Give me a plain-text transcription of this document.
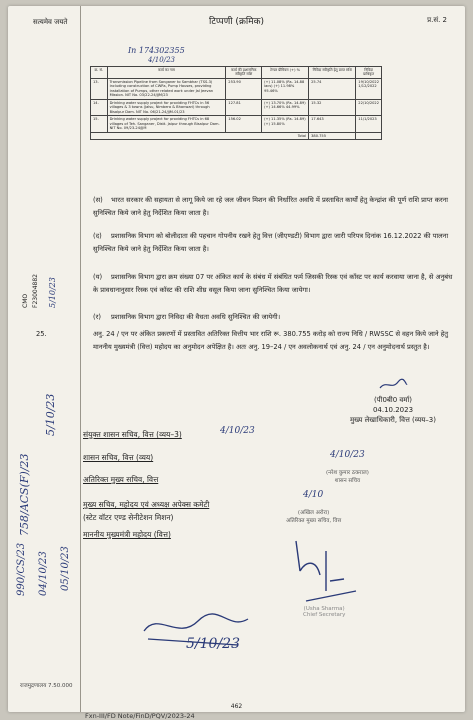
सत्यमेव जयते	टिप्पणी (क्रमिक)	प्र.सं. 2
In 174302355
4/10/23
क्र. सं.	कार्य का नाम	कार्य की प्रशासनिक स्वीकृति राशि	टेण्डर प्रीमियम (+) %	निविदा स्वीकृति हेतु प्राप्त राशि	निविदा प्राधिकृत
13.	Transmission Pipeline from Sanganer to Sambhar (TSS-3) including construction of CWRs, Pump Houses, providing installation of Pumps, other related work under Jal Jeevan Mission. NIT No. 03/22-24/JJM/23	253.90	(+) 11.08% (Rs. 14.88 lacs) (+) 11.98% 95.46%	25.74	19/10/2022 1/12/2022
14.	Drinking water supply project for providing FHTCs in 56 villages & 3 towns (Jalsu, Nimbera & Bhanwari) through Bisalpur Dam. NIT No. 06/21-24/JJM-01/23	127.81	(+) 13.70% (Rs. 14.89) (+) 14.66% 44.99%	15.32	22/10/2022
15.	Drinking water supply project for providing FHTCs in 68 villages of Teh. Sanganer, Distt. Jaipur through Bisalpur Dam. NIT No. 09/23-24/JJM	156.02	(+) 11.35% (Rs. 14.89) (+) 15.80%	17.643	11/1/2023
Total				380.755	
(स) भारत सरकार की सहायता से लागू किये जा रहे जल जीवन मिशन की निर्धारित अवधि में प्रस्तावित कार्यों हेतु केन्द्रांश की पूर्ण राशि प्राप्त करना सुनिश्चित किये जाने हेतु निर्देशित किया जाता है।
(द) प्रशासनिक विभाग को बोलीदाता की पहचान गोपनीय रखने हेतु वित्त (जीएण्डटी) विभाग द्वारा जारी परिपत्र दिनांक 16.12.2022 की पालना सुनिश्चित किये जाने हेतु निर्देशित किया जाता है।
(य) प्रशासनिक विभाग द्वारा क्रम संख्या 07 पर अंकित कार्य के संबंध में संबंधित फर्म जिसकी रिस्क एवं कॉस्ट पर कार्य करवाया जाना है, से अनुबंध के प्रावधानानुसार रिस्क एवं कॉस्ट की राशि शीघ्र वसूल किया जाना सुनिश्चित किया जायेगा।
(र) प्रशासनिक विभाग द्वारा निविदा की वैधता अवधि सुनिश्चित की जायेगी।
25.	अनु. 24 / एन पर अंकित प्रकरणों में प्रस्तावित अतिरिक्त वित्तीय भार राशि रू. 380.755 करोड़ को राज्य निधि / RWSSC से वहन किये जाने हेतु माननीय मुख्यमंत्री (वित्त) महोदय का अनुमोदन अपेक्षित है। अतः अनु. 19–24 / एन अवलोकनार्थ एवं अनु. 24 / एन अनुमोदनार्थ प्रस्तुत है।
(पी0बी0 वर्मा)
04.10.2023
मुख्य लेखाधिकारी, वित्त (व्यय–3)
संयुक्त शासन सचिव, वित्त (व्यय–3)
शासन सचिव, वित्त (व्यय)
अतिरिक्त मुख्य सचिव, वित्त
मुख्य सचिव, महोदय एवं अध्यक्ष अपेक्स कमेटी
(स्टेट वॉटर एण्ड सेनीटेशन मिशन)
माननीय मुख्यमंत्री महोदय (वित्त)
4/10/23
4/10/23
(नरेश कुमार ठकराल)
शासन सचिव
4/10
(अखिल अरोरा)
अतिरिक्त मुख्य सचिव, वित्त
(Usha Sharma)
Chief Secretary
5/10/23
CMO F23004882 5/10/23
758/ACS(F)/23
5/10/23
990/CS/23 04/10/23 05/10/23
राजमुद्रणालय 7.50.000
462
Fxn-III/FD Note/FinD/PQV/2023-24
